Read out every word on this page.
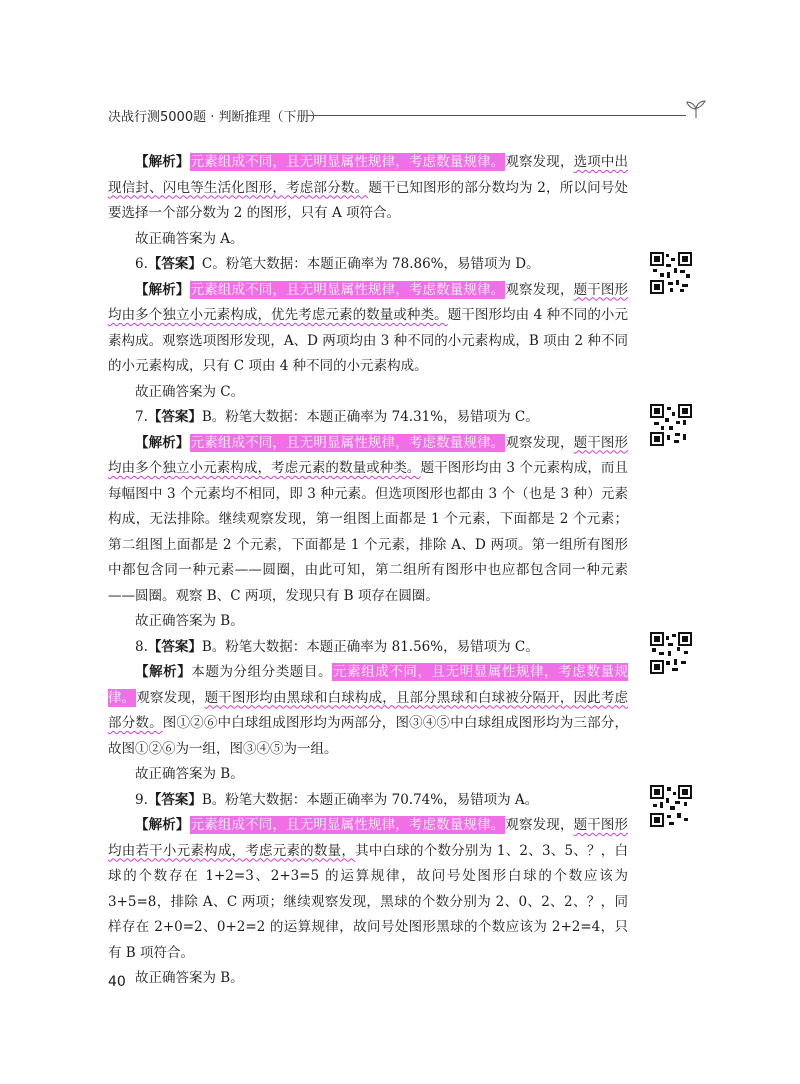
决战行测5000题 · 判断推理（下册）

【解析】元素组成不同，且无明显属性规律，考虑数量规律。观察发现，选项中出现信封、闪电等生活化图形，考虑部分数。题干已知图形的部分数均为 2，所以问号处要选择一个部分数为 2 的图形，只有 A 项符合。

故正确答案为 A。

6.【答案】C。粉笔大数据：本题正确率为 78.86%，易错项为 D。

【解析】元素组成不同，且无明显属性规律，考虑数量规律。观察发现，题干图形均由多个独立小元素构成，优先考虑元素的数量或种类。题干图形均由 4 种不同的小元素构成。观察选项图形发现，A、D 两项均由 3 种不同的小元素构成，B 项由 2 种不同的小元素构成，只有 C 项由 4 种不同的小元素构成。

故正确答案为 C。

7.【答案】B。粉笔大数据：本题正确率为 74.31%，易错项为 C。

【解析】元素组成不同，且无明显属性规律，考虑数量规律。观察发现，题干图形均由多个独立小元素构成，考虑元素的数量或种类。题干图形均由 3 个元素构成，而且每幅图中 3 个元素均不相同，即 3 种元素。但选项图形也都由 3 个（也是 3 种）元素构成，无法排除。继续观察发现，第一组图上面都是 1 个元素，下面都是 2 个元素；第二组图上面都是 2 个元素，下面都是 1 个元素，排除 A、D 两项。第一组所有图形中都包含同一种元素——圆圈，由此可知，第二组所有图形中也应都包含同一种元素——圆圈。观察 B、C 两项，发现只有 B 项存在圆圈。

故正确答案为 B。

8.【答案】B。粉笔大数据：本题正确率为 81.56%，易错项为 C。

【解析】本题为分组分类题目。元素组成不同，且无明显属性规律，考虑数量规律。观察发现，题干图形均由黑球和白球构成，且部分黑球和白球被分隔开，因此考虑部分数。图①②⑥中白球组成图形均为两部分，图③④⑤中白球组成图形均为三部分，故图①②⑥为一组，图③④⑤为一组。

故正确答案为 B。

9.【答案】B。粉笔大数据：本题正确率为 70.74%，易错项为 A。

【解析】元素组成不同，且无明显属性规律，考虑数量规律。观察发现，题干图形均由若干小元素构成，考虑元素的数量，其中白球的个数分别为 1、2、3、5、？，白球的个数存在 1+2=3、2+3=5 的运算规律，故问号处图形白球的个数应该为 3+5=8，排除 A、C 两项；继续观察发现，黑球的个数分别为 2、0、2、2、？，同样存在 2+0=2、0+2=2 的运算规律，故问号处图形黑球的个数应该为 2+2=4，只有 B 项符合。

故正确答案为 B。

40
